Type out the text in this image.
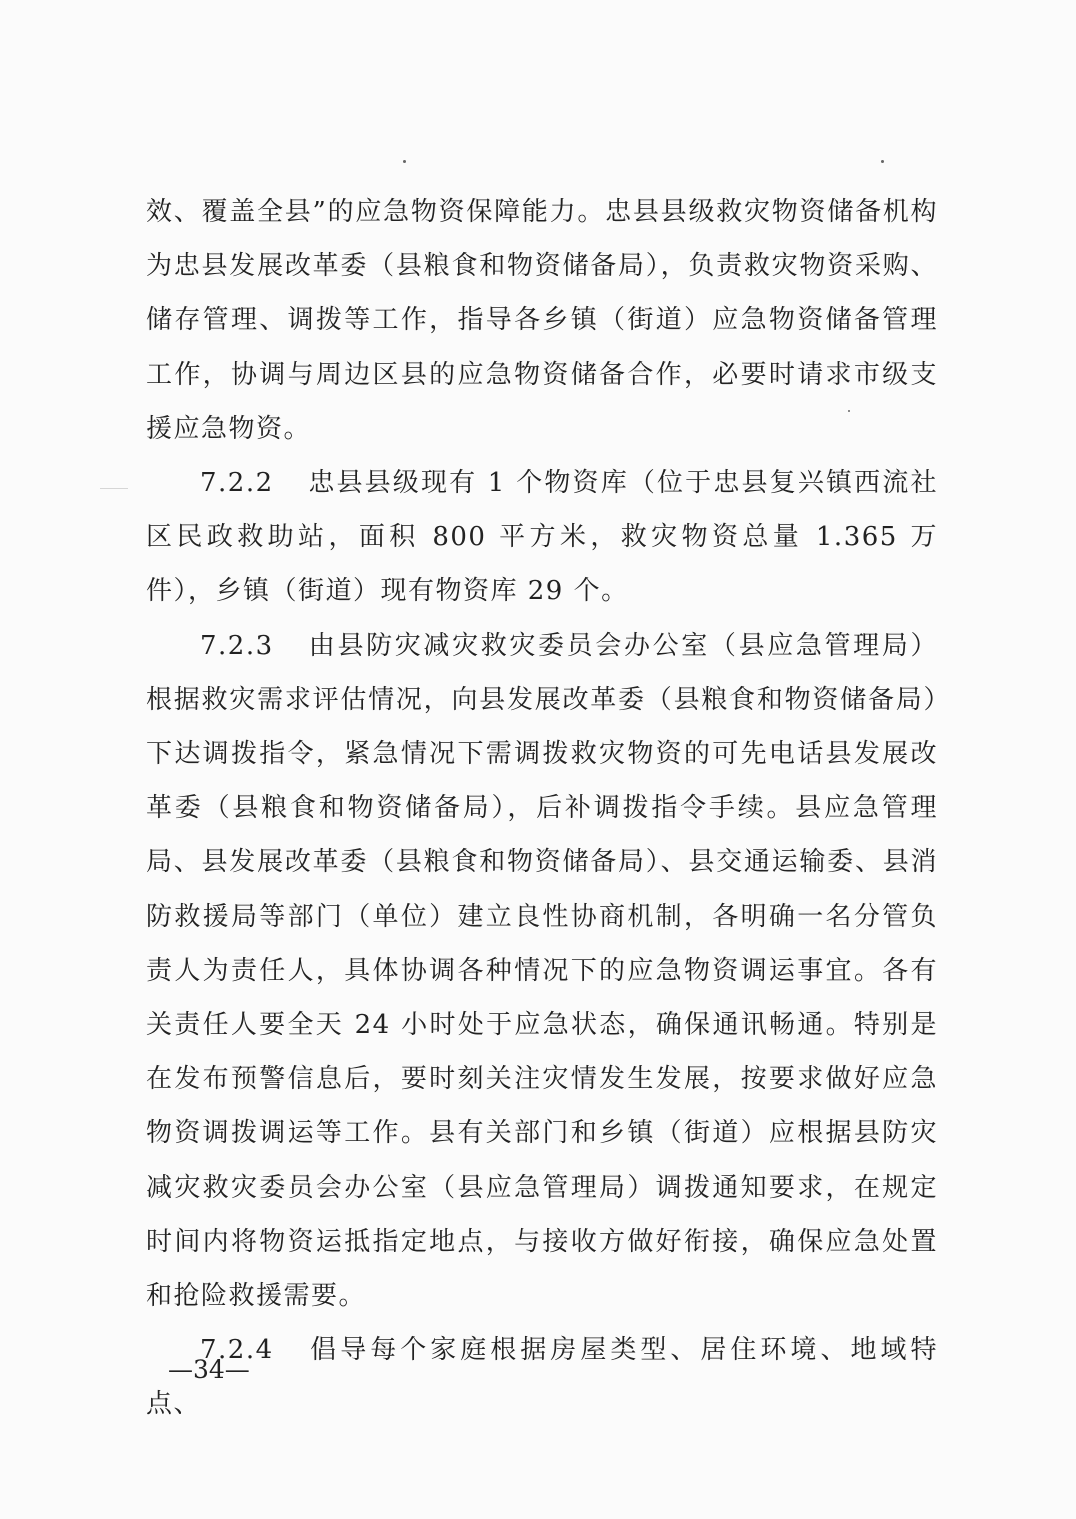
效、覆盖全县”的应急物资保障能力。忠县县级救灾物资储备机构为忠县发展改革委（县粮食和物资储备局），负责救灾物资采购、储存管理、调拨等工作，指导各乡镇（街道）应急物资储备管理工作，协调与周边区县的应急物资储备合作，必要时请求市级支援应急物资。

7.2.2 忠县县级现有 1 个物资库（位于忠县复兴镇西流社区民政救助站，面积 800 平方米，救灾物资总量 1.365 万件），乡镇（街道）现有物资库 29 个。

7.2.3 由县防灾减灾救灾委员会办公室（县应急管理局）根据救灾需求评估情况，向县发展改革委（县粮食和物资储备局）下达调拨指令，紧急情况下需调拨救灾物资的可先电话县发展改革委（县粮食和物资储备局），后补调拨指令手续。县应急管理局、县发展改革委（县粮食和物资储备局）、县交通运输委、县消防救援局等部门（单位）建立良性协商机制，各明确一名分管负责人为责任人，具体协调各种情况下的应急物资调运事宜。各有关责任人要全天 24 小时处于应急状态，确保通讯畅通。特别是在发布预警信息后，要时刻关注灾情发生发展，按要求做好应急物资调拨调运等工作。县有关部门和乡镇（街道）应根据县防灾减灾救灾委员会办公室（县应急管理局）调拨通知要求，在规定时间内将物资运抵指定地点，与接收方做好衔接，确保应急处置和抢险救援需要。

7.2.4 倡导每个家庭根据房屋类型、居住环境、地域特点、

—34—
